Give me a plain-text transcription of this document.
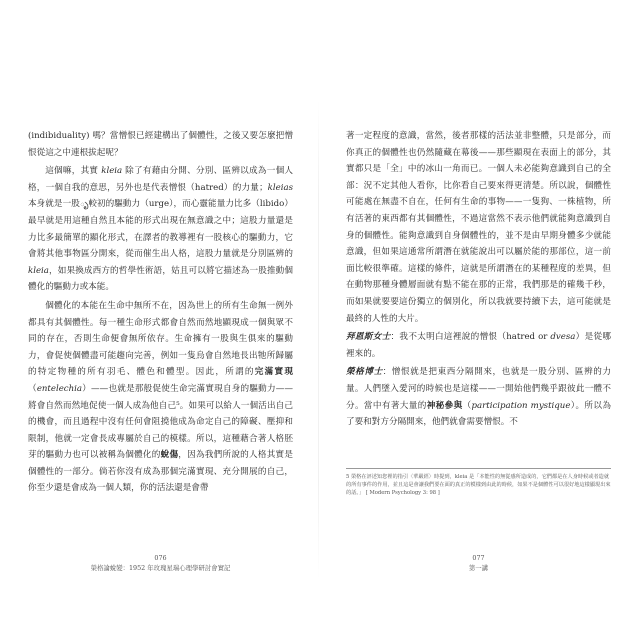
(indibiduality) 嗎？當憎恨已經建構出了個體性，之後又要怎麼把憎恨從這之中連根拔起呢？

這個嘛，其實 kleia 除了有藉由分開、分別、區辨以成為一個人格，一個自我的意思，另外也是代表憎恨（hatred）的力量；kleias 本身就是一股ృ較初的驅動力（urge），而心靈能量力比多（libido）最早就是用這種自然且本能的形式出現在無意識之中；這股力量還是力比多最簡單的顯化形式，在譯者的教導裡有一股核心的驅動力，它會將其他事物區分開來，從而催生出人格，這股力量就是分別區辨的 kleia，如果換成西方的哲學性術語，姑且可以將它描述為一股推動個體化的驅動力或本能。

個體化的本能在生命中無所不在，因為世上的所有生命無一例外都具有其個體性。每一種生命形式都會自然而然地顯現成一個與眾不同的存在，否則生命便會無所依存。生命擁有一股與生俱來的驅動力，會促使個體盡可能趨向完善，例如一隻烏會自然地長出牠所歸屬的特定物種的所有羽毛、體色和體型。因此，所謂的完滿實現（entelechia）——也就是那般促使生命完滿實現自身的驅動力——將會自然而然地促使一個人成為他自己⁵。如果可以給人一個活出自己的機會，而且過程中沒有任何會阻撓他成為命定自己的障礙、壓抑和限制，他就一定會長成專屬於自己的模樣。所以，這種藉合著人格胚芽的驅動力也可以被稱為個體化的蛻傷，因為我們所說的人格其實是個體性的一部分。倘若你沒有成為那個完滿實現、充分開展的自己，你至少還是會成為一個人類，你的活法還是會帶

著一定程度的意識，當然，後者那樣的活法並非整體，只是部分，而你真正的個體性也仍然隨藏在幕後——那些顯現在表面上的部分，其實都只是「全」中的冰山一角而已。一個人未必能夠意識到自己的全部：況不定其他人看你，比你看自己要來得更清楚。所以說，個體性可能處在無盡不自在，任何有生命的事物——一隻狗、一株植物，所有活著的東西都有其個體性，不過這當然不表示他們就能夠意識到自身的個體性。能夠意識到自身個體性的，並不是由早期身體多少就能意識，但如果這通常所謂潛在就能說出可以屬於能的那部位，這一前面比較很準確。這樣的條件，這就是所謂潛在的某種程度的差異，但在動物那種身體層面就有點不能在那的正常，我們那是的確幾千秒，而如果就要要這份獨立的個別化，所以我就要持續下去，這可能就是最終的人性的大片。

拜恩斯女士：我不太明白這裡說的憎恨（hatred or dvesa）是從哪裡來的。

榮格博士：憎恨就是把東西分隔開來，也就是一股分別、區辨的力量。人們墜入愛河的時候也是這樣——一開始他們幾乎跟彼此一體不分。當中有著大量的神秘參與（participation mystique）。所以為了要和對方分隔開來，他們就會需要憎恨。不

5 榮格在評述知您裡的指引〈華嚴經〉時提到，kleia 是「本能性的無從感所造成的，它們都是在人身時候或者造就的所有事件的作用，並且這是會讓我們要在面的真正的模樣到由此的時候，如果不是個體性可以很好地這樣顯現出來的話。」 [ Modern Psychology 3: 98 ]
076
榮格論蛻變：1952 年玫瑰星瑞心理學研討會實記
077
第一講
